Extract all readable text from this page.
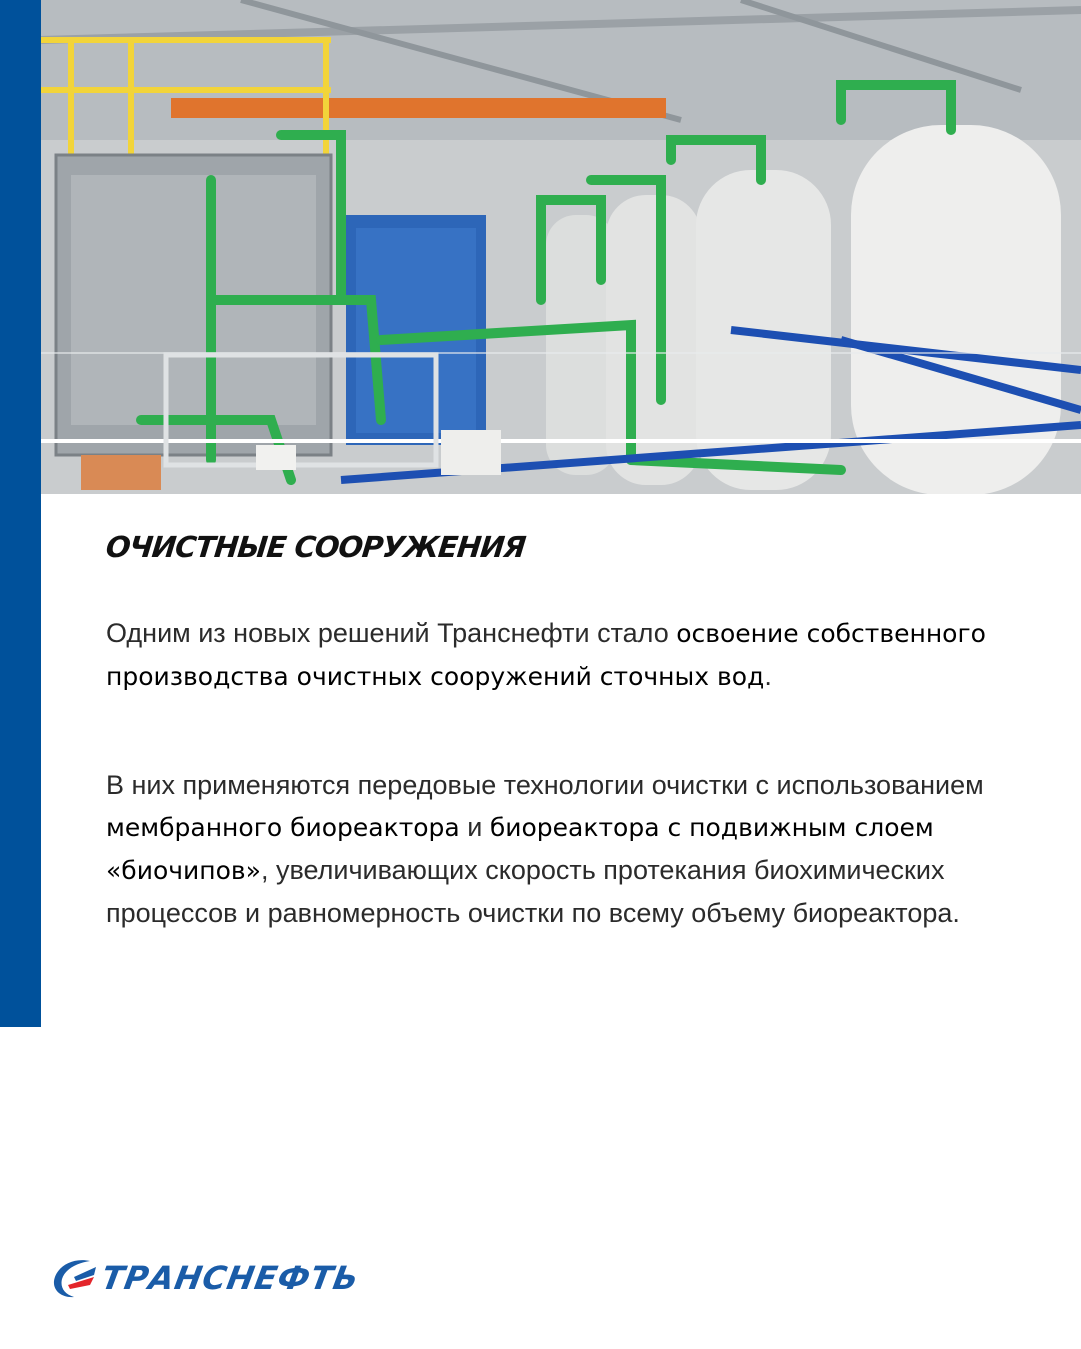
ОЧИСТНЫЕ СООРУЖЕНИЯ

Одним из новых решений Транснефти стало освоение собственного производства очистных сооружений сточных вод.

В них применяются передовые технологии очистки с использованием мембранного биореактора и биореактора с подвижным слоем «биочипов», увеличивающих скорость протекания биохимических процессов и равномерность очистки по всему объему биореактора.

ТРАНСНЕФТЬ
